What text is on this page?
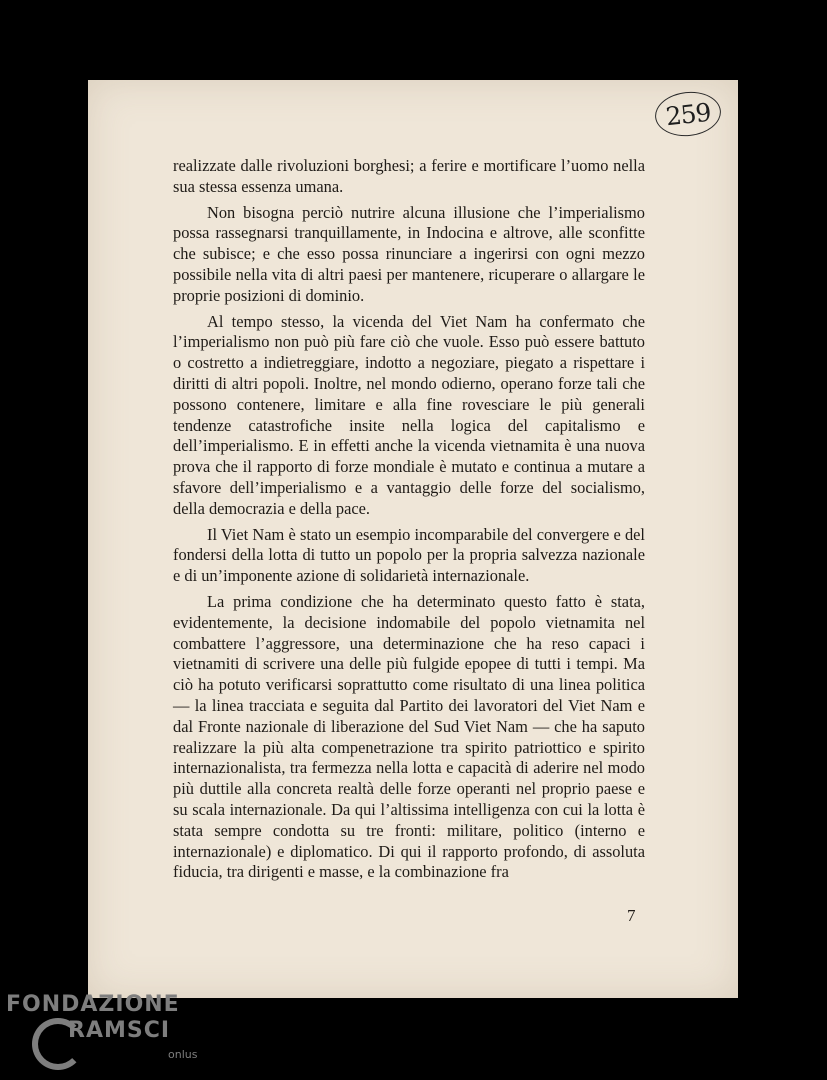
259

realizzate dalle rivoluzioni borghesi; a ferire e mortificare l’uomo nella sua stessa essenza umana.

Non bisogna perciò nutrire alcuna illusione che l’imperialismo possa rassegnarsi tranquillamente, in Indocina e altrove, alle sconfitte che subisce; e che esso possa rinunciare a ingerirsi con ogni mezzo possibile nella vita di altri paesi per mantenere, ricuperare o allargare le proprie posizioni di dominio.

Al tempo stesso, la vicenda del Viet Nam ha confermato che l’imperialismo non può più fare ciò che vuole. Esso può essere battuto o costretto a indietreggiare, indotto a negoziare, piegato a rispettare i diritti di altri popoli. Inoltre, nel mondo odierno, operano forze tali che possono contenere, limitare e alla fine rovesciare le più generali tendenze catastrofiche insite nella logica del capitalismo e dell’imperialismo. E in effetti anche la vicenda vietnamita è una nuova prova che il rapporto di forze mondiale è mutato e continua a mutare a sfavore dell’imperialismo e a vantaggio delle forze del socialismo, della democrazia e della pace.

Il Viet Nam è stato un esempio incomparabile del convergere e del fondersi della lotta di tutto un popolo per la propria salvezza nazionale e di un’imponente azione di solidarietà internazionale.

La prima condizione che ha determinato questo fatto è stata, evidentemente, la decisione indomabile del popolo vietnamita nel combattere l’aggressore, una determinazione che ha reso capaci i vietnamiti di scrivere una delle più fulgide epopee di tutti i tempi. Ma ciò ha potuto verificarsi soprattutto come risultato di una linea politica — la linea tracciata e seguita dal Partito dei lavoratori del Viet Nam e dal Fronte nazionale di liberazione del Sud Viet Nam — che ha saputo realizzare la più alta compenetrazione tra spirito patriottico e spirito internazionalista, tra fermezza nella lotta e capacità di aderire nel modo più duttile alla concreta realtà delle forze operanti nel proprio paese e su scala internazionale. Da qui l’altissima intelligenza con cui la lotta è stata sempre condotta su tre fronti: militare, politico (interno e internazionale) e diplomatico. Di qui il rapporto profondo, di assoluta fiducia, tra dirigenti e masse, e la combinazione fra

7
FONDAZIONE
RAMSCI
onlus
